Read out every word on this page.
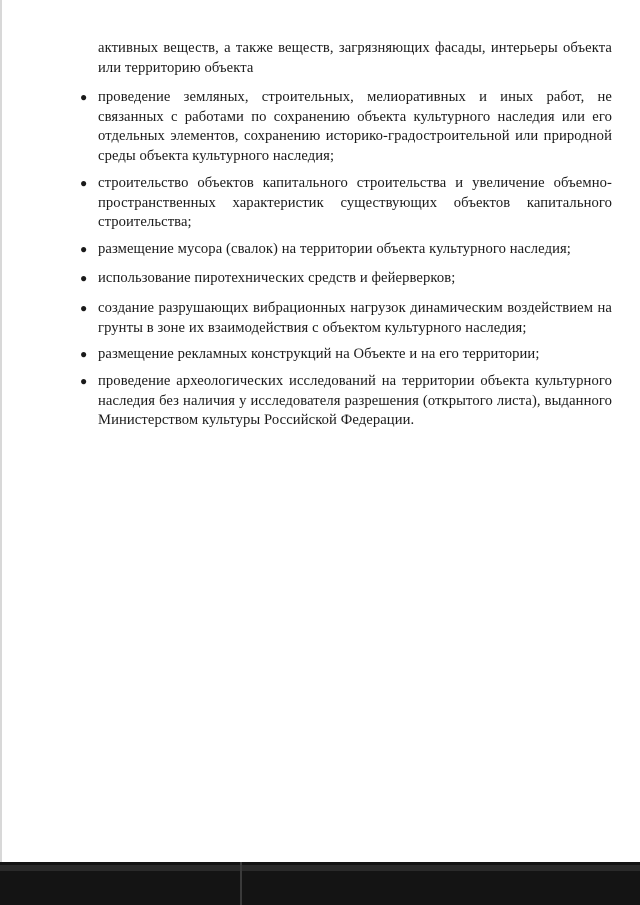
активных веществ, а также веществ, загрязняющих фасады, интерьеры объекта или территорию объекта

● проведение земляных, строительных, мелиоративных и иных работ, не связанных с работами по сохранению объекта культурного наследия или его отдельных элементов, сохранению историко-градостроительной или природной среды объекта культурного наследия;
● строительство объектов капитального строительства и увеличение объемно-пространственных характеристик существующих объектов капитального строительства;
● размещение мусора (свалок) на территории объекта культурного наследия;
● использование пиротехнических средств и фейерверков;
● создание разрушающих вибрационных нагрузок динамическим воздействием на грунты в зоне их взаимодействия с объектом культурного наследия;
● размещение рекламных конструкций на Объекте и на его территории;
● проведение археологических исследований на территории объекта культурного наследия без наличия у исследователя разрешения (открытого листа), выданного Министерством культуры Российской Федерации.
